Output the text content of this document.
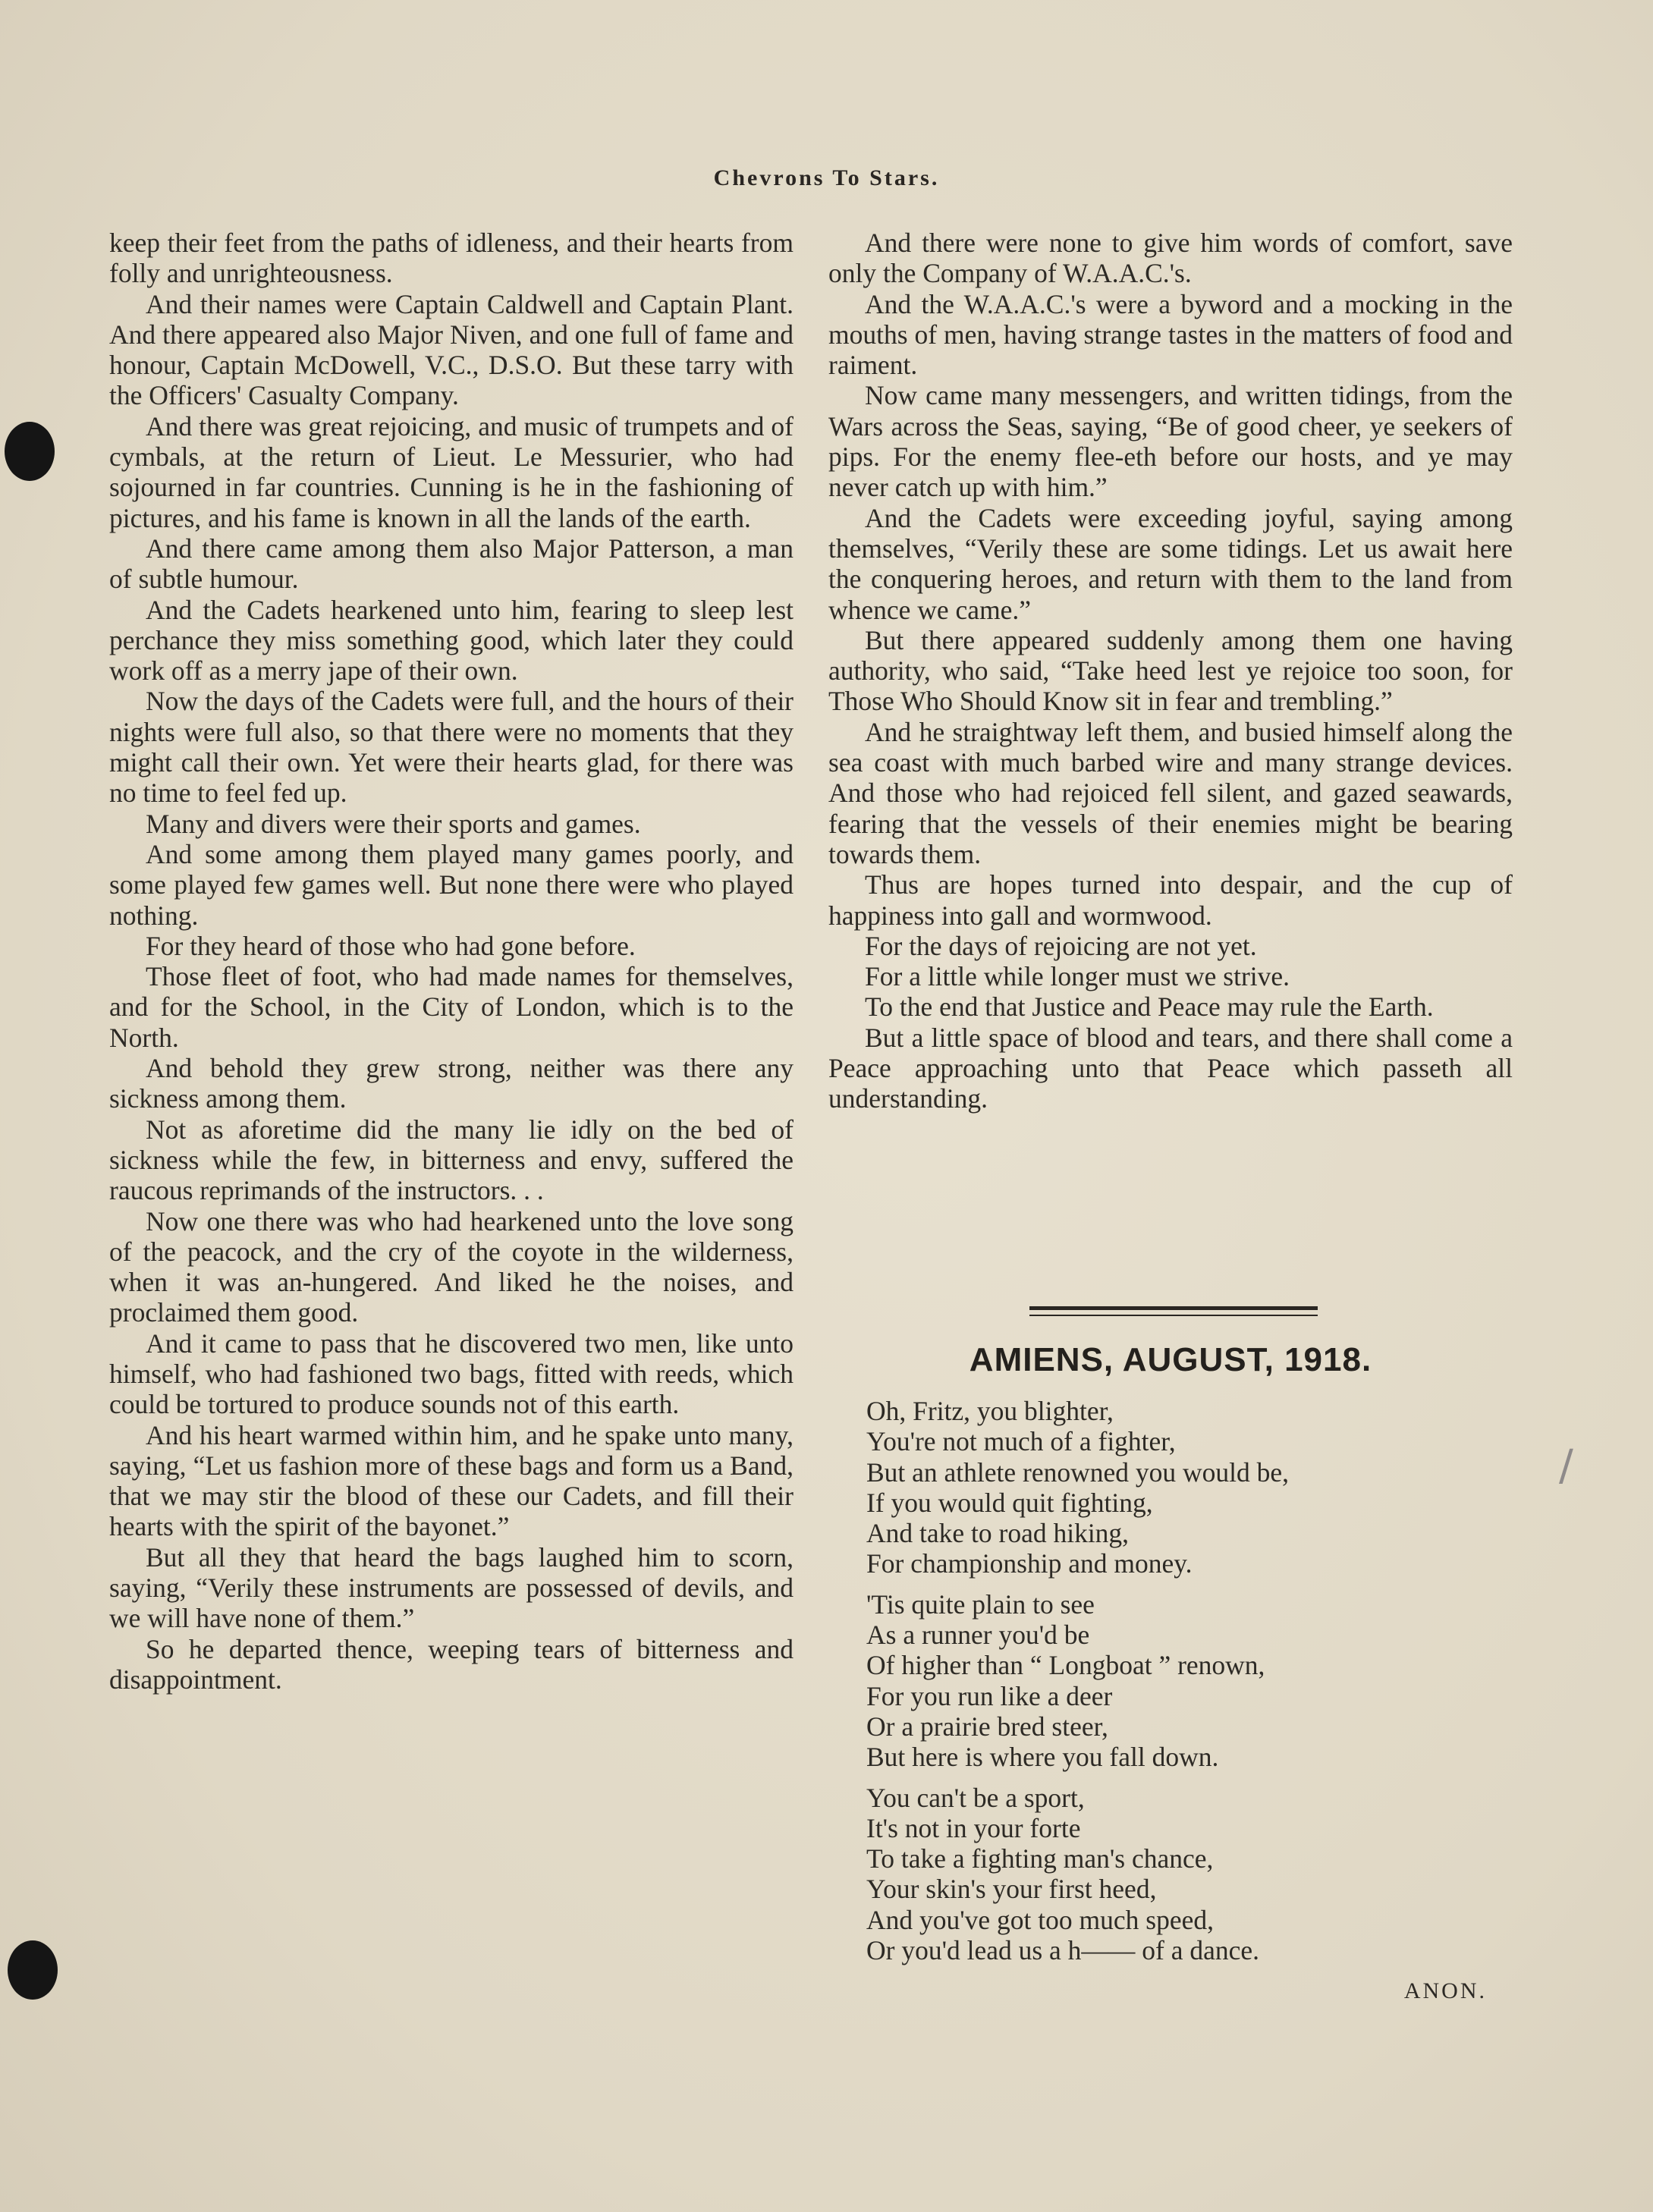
Chevrons To Stars.

keep their feet from the paths of idleness, and their hearts from folly and unrighteousness.

And their names were Captain Caldwell and Captain Plant. And there appeared also Major Niven, and one full of fame and honour, Captain McDowell, V.C., D.S.O. But these tarry with the Officers' Casualty Company.

And there was great rejoicing, and music of trumpets and of cymbals, at the return of Lieut. Le Messurier, who had sojourned in far countries. Cunning is he in the fashioning of pictures, and his fame is known in all the lands of the earth.

And there came among them also Major Patterson, a man of subtle humour.

And the Cadets hearkened unto him, fearing to sleep lest perchance they miss something good, which later they could work off as a merry jape of their own.

Now the days of the Cadets were full, and the hours of their nights were full also, so that there were no moments that they might call their own. Yet were their hearts glad, for there was no time to feel fed up.

Many and divers were their sports and games.

And some among them played many games poorly, and some played few games well. But none there were who played nothing.

For they heard of those who had gone before.

Those fleet of foot, who had made names for themselves, and for the School, in the City of London, which is to the North.

And behold they grew strong, neither was there any sickness among them.

Not as aforetime did the many lie idly on the bed of sickness while the few, in bitterness and envy, suffered the raucous reprimands of the instructors. . .

Now one there was who had hearkened unto the love song of the peacock, and the cry of the coyote in the wilderness, when it was an-hungered. And liked he the noises, and proclaimed them good.

And it came to pass that he discovered two men, like unto himself, who had fashioned two bags, fitted with reeds, which could be tortured to produce sounds not of this earth.

And his heart warmed within him, and he spake unto many, saying, “Let us fashion more of these bags and form us a Band, that we may stir the blood of these our Cadets, and fill their hearts with the spirit of the bayonet.”

But all they that heard the bags laughed him to scorn, saying, “Verily these instruments are possessed of devils, and we will have none of them.”

So he departed thence, weeping tears of bitterness and disappointment.

And there were none to give him words of comfort, save only the Company of W.A.A.C.'s.

And the W.A.A.C.'s were a byword and a mocking in the mouths of men, having strange tastes in the matters of food and raiment.

Now came many messengers, and written tidings, from the Wars across the Seas, saying, “Be of good cheer, ye seekers of pips. For the enemy flee-eth before our hosts, and ye may never catch up with him.”

And the Cadets were exceeding joyful, saying among themselves, “Verily these are some tidings. Let us await here the conquering heroes, and return with them to the land from whence we came.”

But there appeared suddenly among them one having authority, who said, “Take heed lest ye rejoice too soon, for Those Who Should Know sit in fear and trembling.”

And he straightway left them, and busied himself along the sea coast with much barbed wire and many strange devices. And those who had rejoiced fell silent, and gazed seawards, fearing that the vessels of their enemies might be bearing towards them.

Thus are hopes turned into despair, and the cup of happiness into gall and wormwood.

For the days of rejoicing are not yet.

For a little while longer must we strive.

To the end that Justice and Peace may rule the Earth.

But a little space of blood and tears, and there shall come a Peace approaching unto that Peace which passeth all understanding.

AMIENS, AUGUST, 1918.
Oh, Fritz, you blighter,
You're not much of a fighter,
But an athlete renowned you would be,
If you would quit fighting,
And take to road hiking,
For championship and money.
'Tis quite plain to see
As a runner you'd be
Of higher than “ Longboat ” renown,
For you run like a deer
Or a prairie bred steer,
But here is where you fall down.
You can't be a sport,
It's not in your forte
To take a fighting man's chance,
Your skin's your first heed,
And you've got too much speed,
Or you'd lead us a h—— of a dance.
ANON.
/
